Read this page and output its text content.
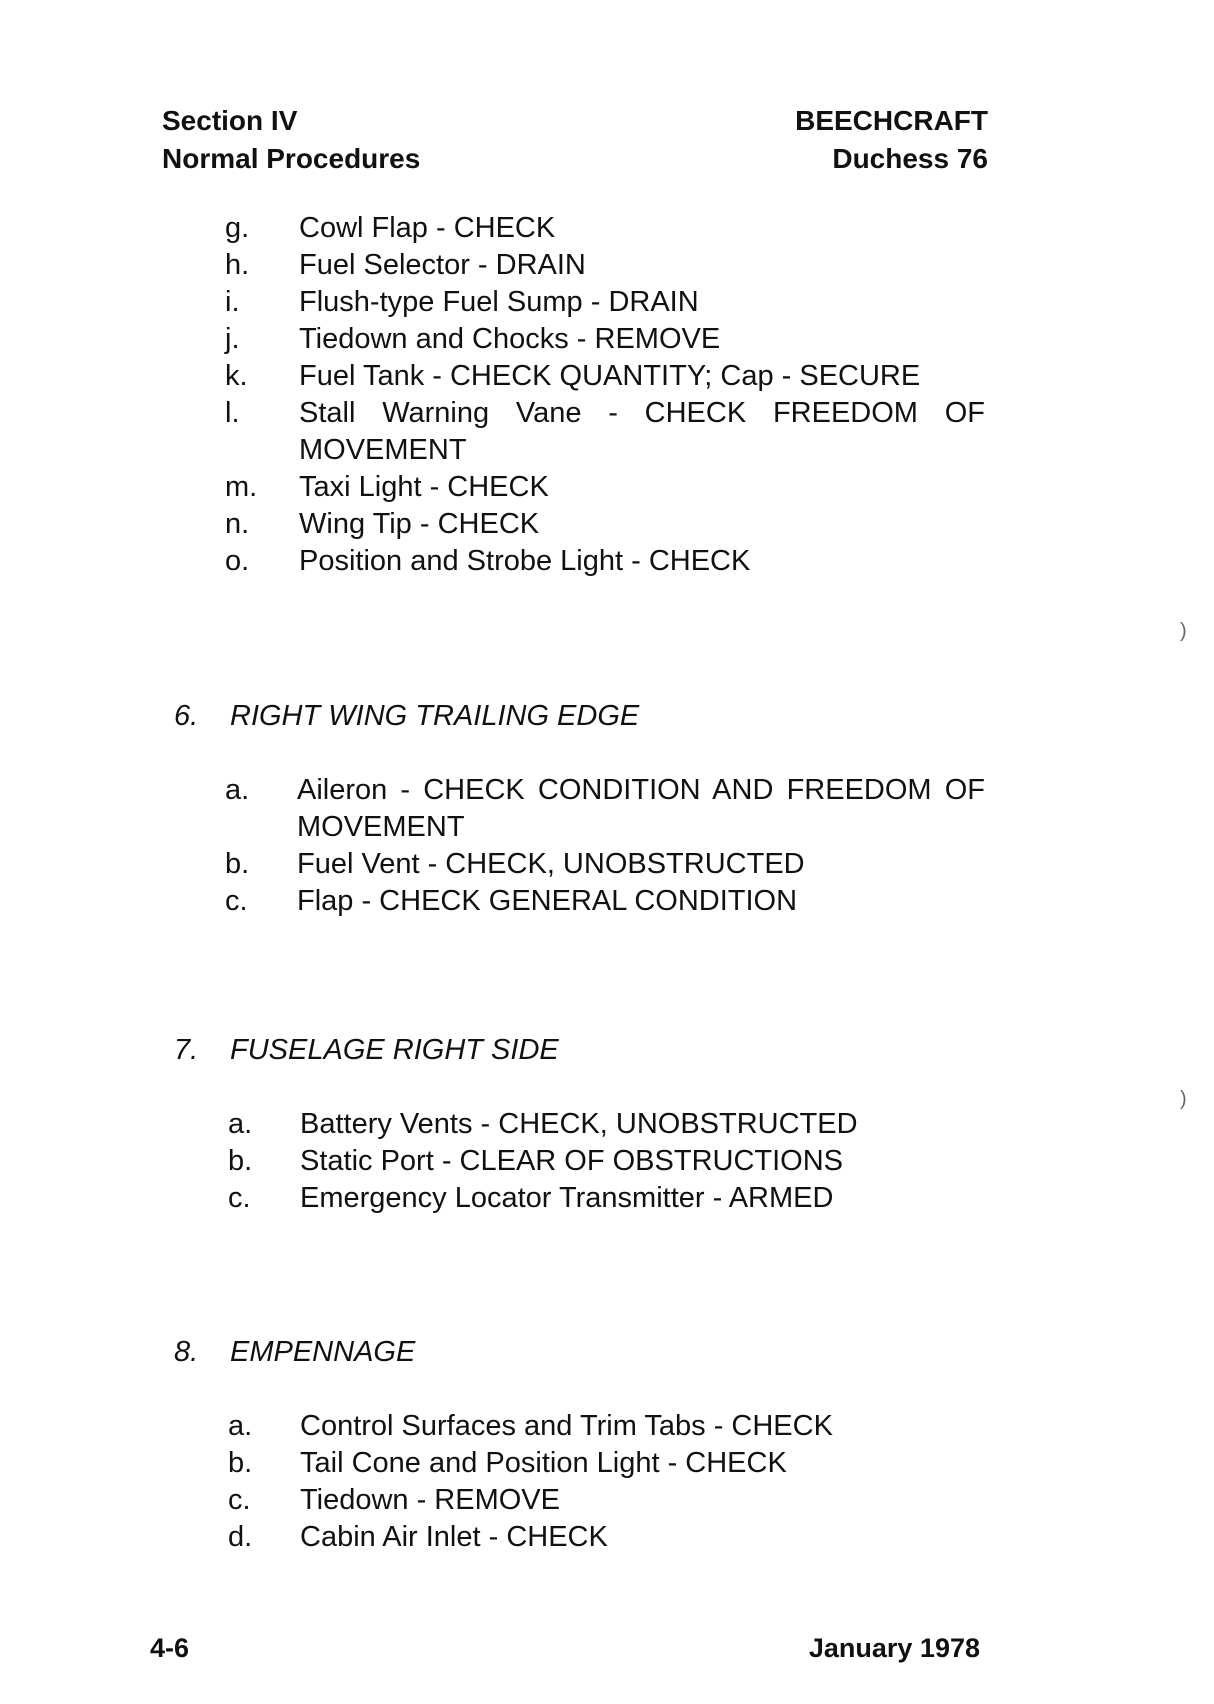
Section IV
Normal Procedures
BEECHCRAFT
Duchess 76
g. Cowl Flap - CHECK
h. Fuel Selector - DRAIN
i. Flush-type Fuel Sump - DRAIN
j. Tiedown and Chocks - REMOVE
k. Fuel Tank - CHECK QUANTITY; Cap - SECURE
l. Stall Warning Vane - CHECK FREEDOM OF MOVEMENT
m. Taxi Light - CHECK
n. Wing Tip - CHECK
o. Position and Strobe Light - CHECK
6. RIGHT WING TRAILING EDGE
a. Aileron - CHECK CONDITION AND FREEDOM OF MOVEMENT
b. Fuel Vent - CHECK, UNOBSTRUCTED
c. Flap - CHECK GENERAL CONDITION
7. FUSELAGE RIGHT SIDE
a. Battery Vents - CHECK, UNOBSTRUCTED
b. Static Port - CLEAR OF OBSTRUCTIONS
c. Emergency Locator Transmitter - ARMED
8. EMPENNAGE
a. Control Surfaces and Trim Tabs - CHECK
b. Tail Cone and Position Light - CHECK
c. Tiedown - REMOVE
d. Cabin Air Inlet - CHECK
4-6	January 1978
)
)
